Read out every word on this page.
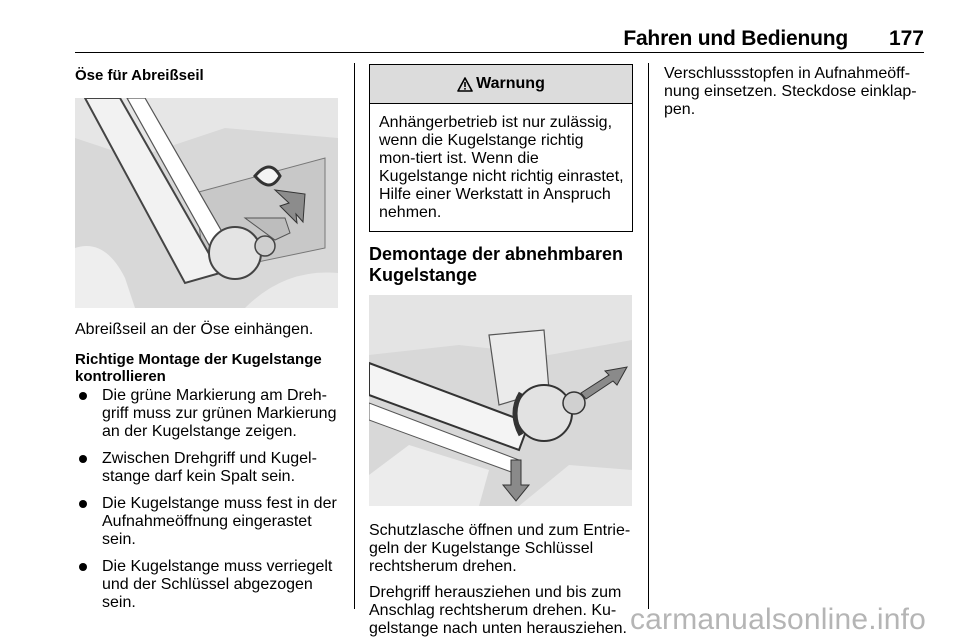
Fahren und Bedienung 177

Öse für Abreißseil

Abreißseil an der Öse einhängen.

Richtige Montage der Kugelstange kontrollieren

Die grüne Markierung am Dreh-griff muss zur grünen Markierung an der Kugelstange zeigen.
Zwischen Drehgriff und Kugel-stange darf kein Spalt sein.
Die Kugelstange muss fest in der Aufnahmeöffnung eingerastet sein.
Die Kugelstange muss verriegelt und der Schlüssel abgezogen sein.
Warnung
Anhängerbetrieb ist nur zulässig, wenn die Kugelstange richtig mon-tiert ist. Wenn die Kugelstange nicht richtig einrastet, Hilfe einer Werkstatt in Anspruch nehmen.

Demontage der abnehmbaren Kugelstange

Schutzlasche öffnen und zum Entrie-geln der Kugelstange Schlüssel rechtsherum drehen.

Drehgriff herausziehen und bis zum Anschlag rechtsherum drehen. Ku-gelstange nach unten herausziehen.

Verschlussstopfen in Aufnahmeöff-nung einsetzen. Steckdose einklap-pen.

carmanualsonline.info
